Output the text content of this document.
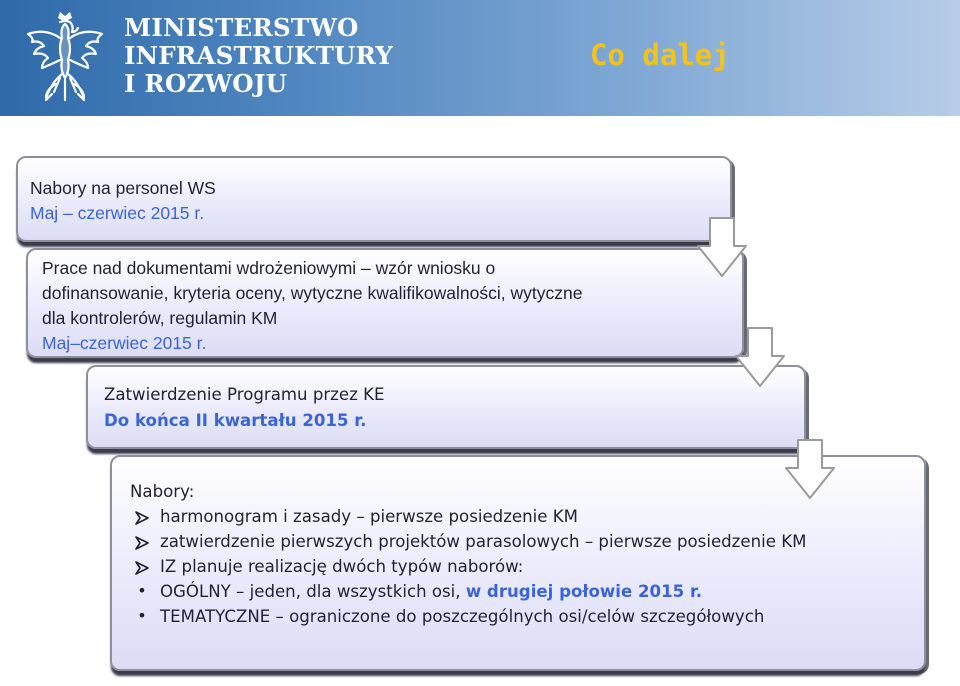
MINISTERSTWO
INFRASTRUKTURY
I ROZWOJU
Co dalej
Nabory na personel WS
Maj – czerwiec 2015 r.
Prace nad dokumentami wdrożeniowymi – wzór wniosku o
dofinansowanie, kryteria oceny, wytyczne kwalifikowalności, wytyczne
dla kontrolerów, regulamin KM
Maj–czerwiec 2015 r.
Zatwierdzenie Programu przez KE
Do końca II kwartału 2015 r.
Nabory:
harmonogram i zasady – pierwsze posiedzenie KM
zatwierdzenie pierwszych projektów parasolowych – pierwsze posiedzenie KM
IZ planuje realizację dwóch typów naborów:
• OGÓLNY – jeden, dla wszystkich osi, w drugiej połowie 2015 r.
• TEMATYCZNE – ograniczone do poszczególnych osi/celów szczegółowych
